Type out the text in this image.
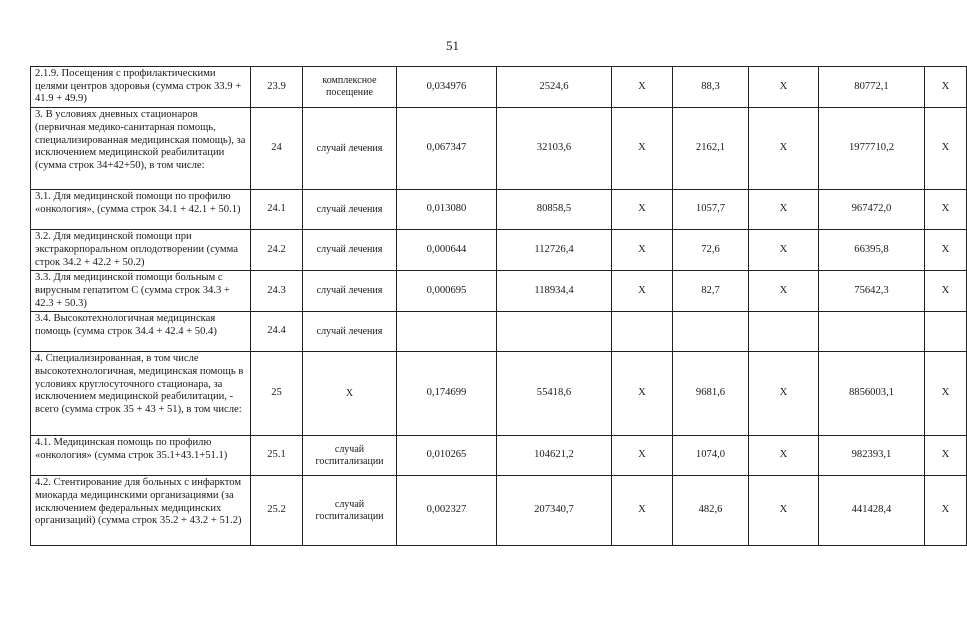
51
2.1.9. Посещения с профилактическими целями центров здоровья (сумма строк 33.9 + 41.9 + 49.9)	23.9	комплексное посещение	0,034976	2524,6	X	88,3	X	80772,1	X
3. В условиях дневных стационаров (первичная медико-санитарная помощь, специализированная медицинская помощь), за исключением медицинской реабилитации (сумма строк 34+42+50), в том числе:	24	случай лечения	0,067347	32103,6	X	2162,1	X	1977710,2	X
3.1. Для медицинской помощи по профилю «онкология», (сумма строк 34.1 + 42.1 + 50.1)	24.1	случай лечения	0,013080	80858,5	X	1057,7	X	967472,0	X
3.2. Для медицинской помощи при экстракорпоральном оплодотворении (сумма строк 34.2 + 42.2 + 50.2)	24.2	случай лечения	0,000644	112726,4	X	72,6	X	66395,8	X
3.3. Для медицинской помощи больным с вирусным гепатитом С (сумма строк 34.3 + 42.3 + 50.3)	24.3	случай лечения	0,000695	118934,4	X	82,7	X	75642,3	X
3.4. Высокотехнологичная медицинская помощь (сумма строк 34.4 + 42.4 + 50.4)	24.4	случай лечения							
4. Специализированная, в том числе высокотехнологичная, медицинская помощь в условиях круглосуточного стационара, за исключением медицинской реабилитации, - всего (сумма строк 35 + 43 + 51), в том числе:	25	X	0,174699	55418,6	X	9681,6	X	8856003,1	X
4.1. Медицинская помощь по профилю «онкология» (сумма строк 35.1+43.1+51.1)	25.1	случай госпитализации	0,010265	104621,2	X	1074,0	X	982393,1	X
4.2. Стентирование для больных с инфарктом миокарда медицинскими организациями (за исключением федеральных медицинских организаций) (сумма строк 35.2 + 43.2 + 51.2)	25.2	случай госпитализации	0,002327	207340,7	X	482,6	X	441428,4	X
